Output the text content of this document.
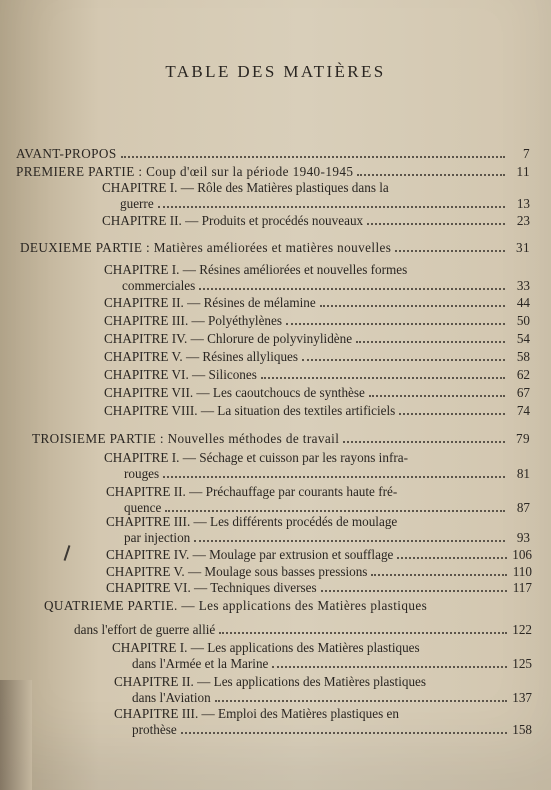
TABLE DES MATIÈRES
AVANT-PROPOS	7
PREMIERE PARTIE : Coup d'œil sur la période 1940-1945	11
CHAPITRE I. — Rôle des Matières plastiques dans la
guerre	13
CHAPITRE II. — Produits et procédés nouveaux	23
DEUXIEME PARTIE : Matières améliorées et matières nouvelles	31
CHAPITRE I. — Résines améliorées et nouvelles formes
commerciales	33
CHAPITRE II. — Résines de mélamine	44
CHAPITRE III. — Polyéthylènes	50
CHAPITRE IV. — Chlorure de polyvinylidène	54
CHAPITRE V. — Résines allyliques	58
CHAPITRE VI. — Silicones	62
CHAPITRE VII. — Les caoutchoucs de synthèse	67
CHAPITRE VIII. — La situation des textiles artificiels	74
TROISIEME PARTIE : Nouvelles méthodes de travail	79
CHAPITRE I. — Séchage et cuisson par les rayons infra-
rouges	81
CHAPITRE II. — Préchauffage par courants haute fré-
quence	87
CHAPITRE III. — Les différents procédés de moulage
par injection	93
CHAPITRE IV. — Moulage par extrusion et soufflage	106
CHAPITRE V. — Moulage sous basses pressions	110
CHAPITRE VI. — Techniques diverses	117
QUATRIEME PARTIE. — Les applications des Matières plastiques
dans l'effort de guerre allié	122
CHAPITRE I. — Les applications des Matières plastiques
dans l'Armée et la Marine	125
CHAPITRE II. — Les applications des Matières plastiques
dans l'Aviation	137
CHAPITRE III. — Emploi des Matières plastiques en
prothèse	158
